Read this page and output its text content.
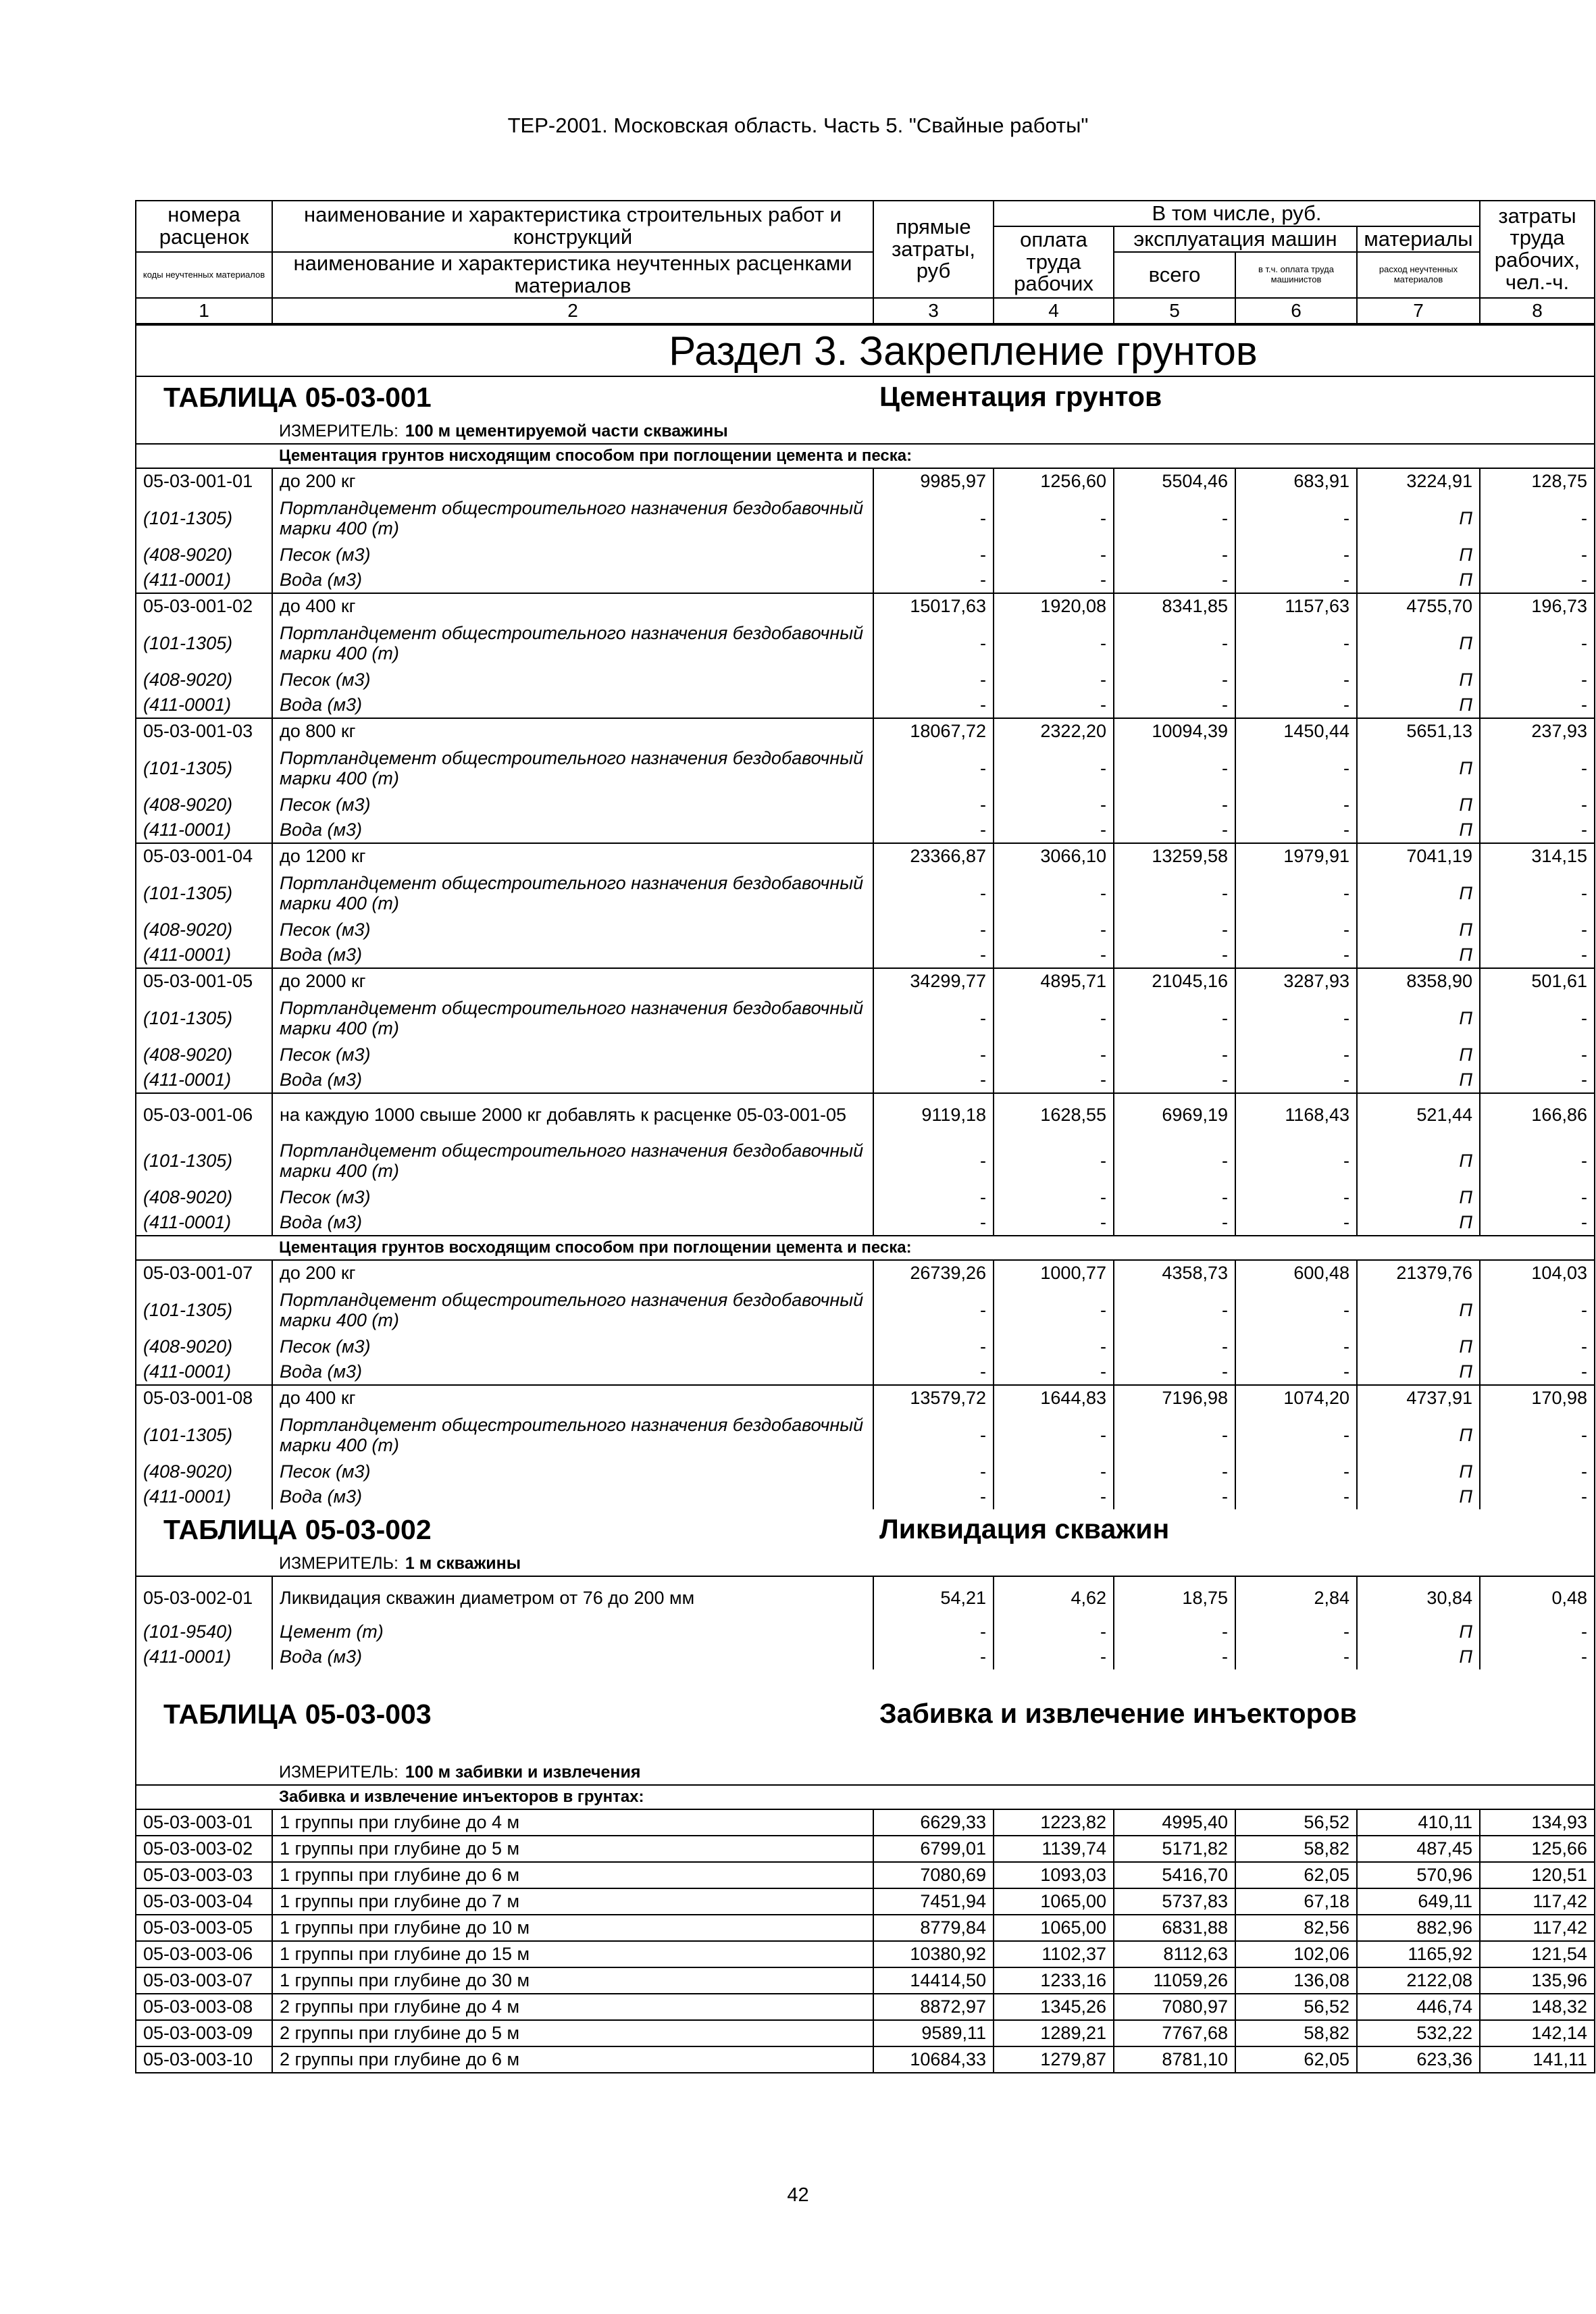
ТЕР-2001. Московская область. Часть 5. "Свайные работы"
номера расценок	наименование и характеристика строительных работ и конструкций	прямые затраты, руб	В том числе, руб.				затраты труда рабочих, чел.-ч.
			оплата труда рабочих	эксплуатация машин		материалы	
коды неучтенных материалов	наименование и характеристика неучтенных расценками материалов			всего	в т.ч. оплата труда машинистов	расход неучтенных материалов	

1	2	3	4	5	6	7	8
Раздел 3. Закрепление грунтов							
ТАБЛИЦА 05-03-001 Цементация грунтов							

	ИЗМЕРИТЕЛЬ: 100 м цементируемой части скважины						
	Цементация грунтов нисходящим способом при поглощении цемента и песка:						
05-03-001-01	до 200 кг	9985,97	1256,60	5504,46	683,91	3224,91	128,75
(101-1305)	Портландцемент общестроительного назначения бездобавочный марки 400 (т)	-	-	-	-	П	-
(408-9020)	Песок (м3)	-	-	-	-	П	-
(411-0001)	Вода (м3)	-	-	-	-	П	-
05-03-001-02	до 400 кг	15017,63	1920,08	8341,85	1157,63	4755,70	196,73
(101-1305)	Портландцемент общестроительного назначения бездобавочный марки 400 (т)	-	-	-	-	П	-
(408-9020)	Песок (м3)	-	-	-	-	П	-
(411-0001)	Вода (м3)	-	-	-	-	П	-
05-03-001-03	до 800 кг	18067,72	2322,20	10094,39	1450,44	5651,13	237,93
(101-1305)	Портландцемент общестроительного назначения бездобавочный марки 400 (т)	-	-	-	-	П	-
(408-9020)	Песок (м3)	-	-	-	-	П	-
(411-0001)	Вода (м3)	-	-	-	-	П	-
05-03-001-04	до 1200 кг	23366,87	3066,10	13259,58	1979,91	7041,19	314,15
(101-1305)	Портландцемент общестроительного назначения бездобавочный марки 400 (т)	-	-	-	-	П	-
(408-9020)	Песок (м3)	-	-	-	-	П	-
(411-0001)	Вода (м3)	-	-	-	-	П	-
05-03-001-05	до 2000 кг	34299,77	4895,71	21045,16	3287,93	8358,90	501,61
(101-1305)	Портландцемент общестроительного назначения бездобавочный марки 400 (т)	-	-	-	-	П	-
(408-9020)	Песок (м3)	-	-	-	-	П	-
(411-0001)	Вода (м3)	-	-	-	-	П	-
05-03-001-06	на каждую 1000 свыше 2000 кг добавлять к расценке 05-03-001-05	9119,18	1628,55	6969,19	1168,43	521,44	166,86
(101-1305)	Портландцемент общестроительного назначения бездобавочный марки 400 (т)	-	-	-	-	П	-
(408-9020)	Песок (м3)	-	-	-	-	П	-
(411-0001)	Вода (м3)	-	-	-	-	П	-
	Цементация грунтов восходящим способом при поглощении цемента и песка:						
05-03-001-07	до 200 кг	26739,26	1000,77	4358,73	600,48	21379,76	104,03
(101-1305)	Портландцемент общестроительного назначения бездобавочный марки 400 (т)	-	-	-	-	П	-
(408-9020)	Песок (м3)	-	-	-	-	П	-
(411-0001)	Вода (м3)	-	-	-	-	П	-
05-03-001-08	до 400 кг	13579,72	1644,83	7196,98	1074,20	4737,91	170,98
(101-1305)	Портландцемент общестроительного назначения бездобавочный марки 400 (т)	-	-	-	-	П	-
(408-9020)	Песок (м3)	-	-	-	-	П	-
(411-0001)	Вода (м3)	-	-	-	-	П	-
ТАБЛИЦА 05-03-002 Ликвидация скважин							

	ИЗМЕРИТЕЛЬ: 1 м скважины						
05-03-002-01	Ликвидация скважин диаметром от 76 до 200 мм	54,21	4,62	18,75	2,84	30,84	0,48
(101-9540)	Цемент (т)	-	-	-	-	П	-
(411-0001)	Вода (м3)	-	-	-	-	П	-

ТАБЛИЦА 05-03-003 Забивка и извлечение инъекторов							

	ИЗМЕРИТЕЛЬ: 100 м забивки и извлечения						
	Забивка и извлечение инъекторов в грунтах:						
05-03-003-01	1 группы при глубине до 4 м	6629,33	1223,82	4995,40	56,52	410,11	134,93
05-03-003-02	1 группы при глубине до 5 м	6799,01	1139,74	5171,82	58,82	487,45	125,66
05-03-003-03	1 группы при глубине до 6 м	7080,69	1093,03	5416,70	62,05	570,96	120,51
05-03-003-04	1 группы при глубине до 7 м	7451,94	1065,00	5737,83	67,18	649,11	117,42
05-03-003-05	1 группы при глубине до 10 м	8779,84	1065,00	6831,88	82,56	882,96	117,42
05-03-003-06	1 группы при глубине до 15 м	10380,92	1102,37	8112,63	102,06	1165,92	121,54
05-03-003-07	1 группы при глубине до 30 м	14414,50	1233,16	11059,26	136,08	2122,08	135,96
05-03-003-08	2 группы при глубине до 4 м	8872,97	1345,26	7080,97	56,52	446,74	148,32
05-03-003-09	2 группы при глубине до 5 м	9589,11	1289,21	7767,68	58,82	532,22	142,14
05-03-003-10	2 группы при глубине до 6 м	10684,33	1279,87	8781,10	62,05	623,36	141,11
42
